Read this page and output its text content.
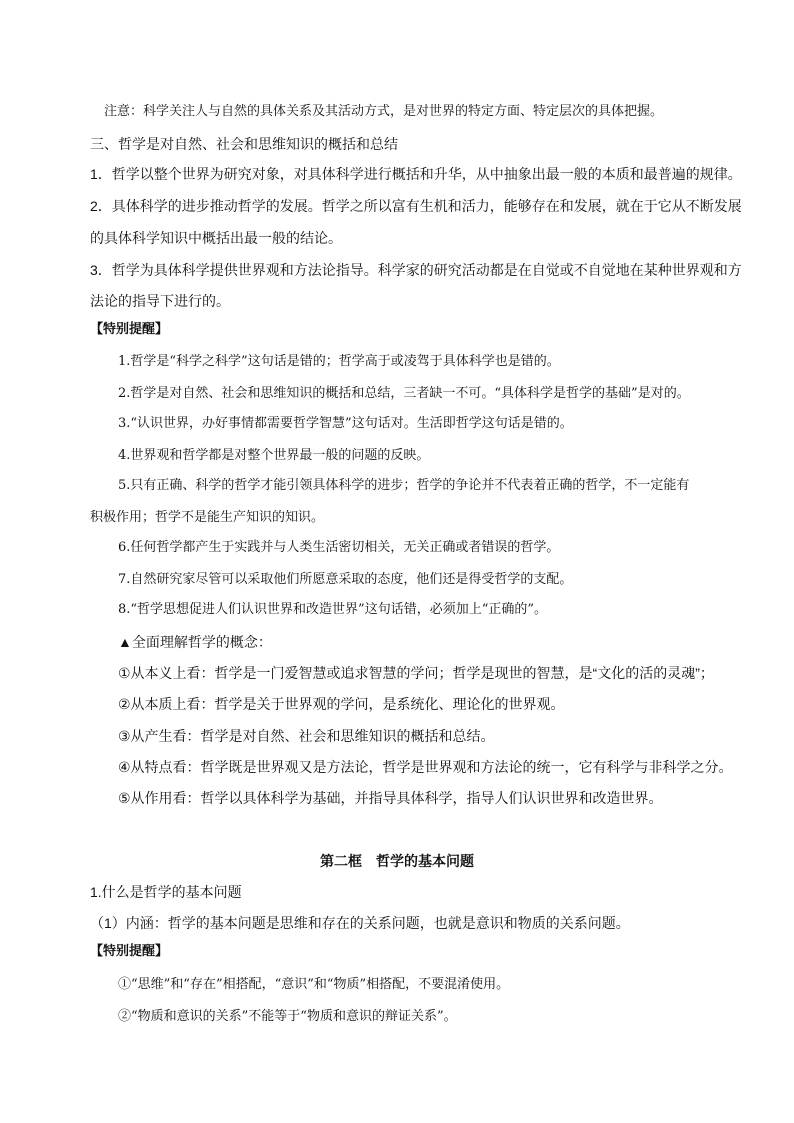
注意：科学关注人与自然的具体关系及其活动方式，是对世界的特定方面、特定层次的具体把握。
三、哲学是对自然、社会和思维知识的概括和总结
1．哲学以整个世界为研究对象，对具体科学进行概括和升华，从中抽象出最一般的本质和最普遍的规律。
2．具体科学的进步推动哲学的发展。哲学之所以富有生机和活力，能够存在和发展，就在于它从不断发展
的具体科学知识中概括出最一般的结论。
3．哲学为具体科学提供世界观和方法论指导。科学家的研究活动都是在自觉或不自觉地在某种世界观和方
法论的指导下进行的。
【特别提醒】
1.哲学是“科学之科学”这句话是错的；哲学高于或凌驾于具体科学也是错的。
2.哲学是对自然、社会和思维知识的概括和总结，三者缺一不可。“具体科学是哲学的基础”是对的。
3.“认识世界，办好事情都需要哲学智慧”这句话对。生活即哲学这句话是错的。
4.世界观和哲学都是对整个世界最一般的问题的反映。
5.只有正确、科学的哲学才能引领具体科学的进步；哲学的争论并不代表着正确的哲学，不一定能有
积极作用；哲学不是能生产知识的知识。
6.任何哲学都产生于实践并与人类生活密切相关，无关正确或者错误的哲学。
7.自然研究家尽管可以采取他们所愿意采取的态度，他们还是得受哲学的支配。
8.“哲学思想促进人们认识世界和改造世界”这句话错，必须加上“正确的”。
▲全面理解哲学的概念：
①从本义上看：哲学是一门爱智慧或追求智慧的学问；哲学是现世的智慧，是“文化的活的灵魂”；
②从本质上看：哲学是关于世界观的学问，是系统化、理论化的世界观。
③从产生看：哲学是对自然、社会和思维知识的概括和总结。
④从特点看：哲学既是世界观又是方法论，哲学是世界观和方法论的统一，它有科学与非科学之分。
⑤从作用看：哲学以具体科学为基础，并指导具体科学，指导人们认识世界和改造世界。
第二框　哲学的基本问题
1.什么是哲学的基本问题
（1）内涵：哲学的基本问题是思维和存在的关系问题，也就是意识和物质的关系问题。
【特别提醒】
①“思维”和“存在”相搭配，“意识”和“物质”相搭配，不要混淆使用。
②“物质和意识的关系”不能等于“物质和意识的辩证关系”。
